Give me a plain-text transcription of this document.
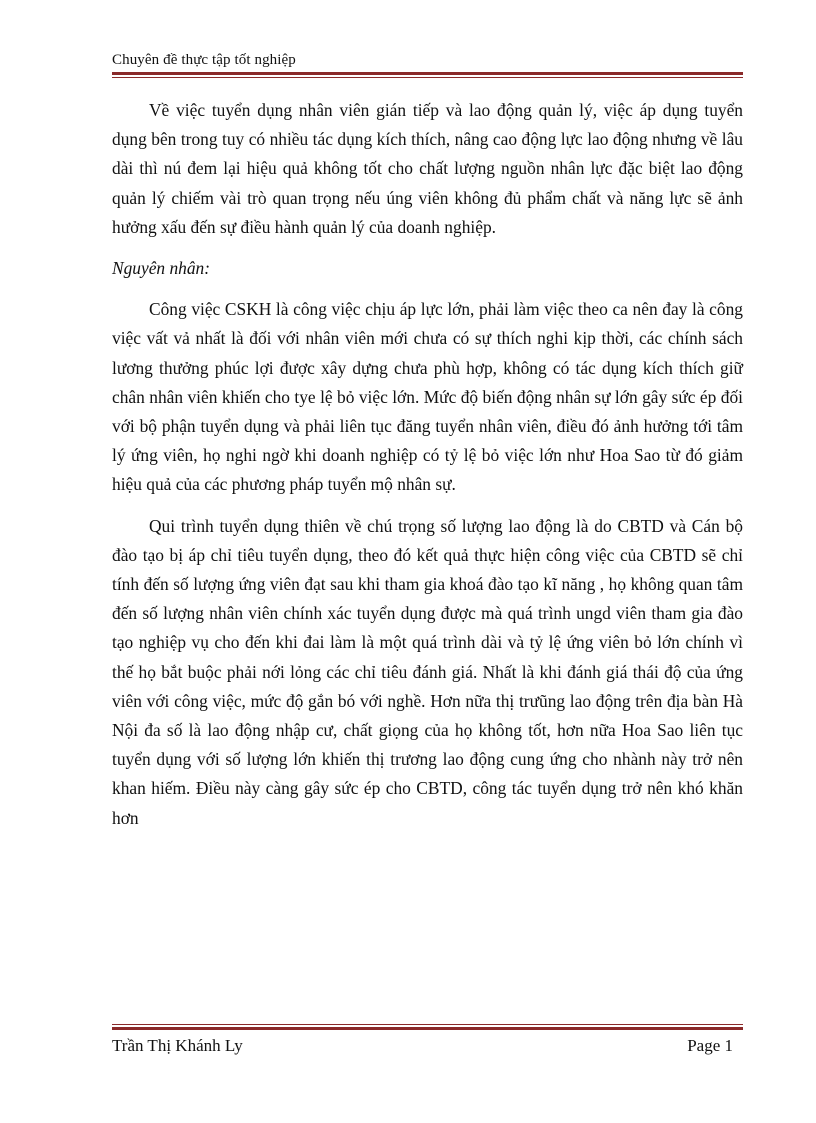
Chuyên đề thực tập tốt nghiệp

Về việc tuyển dụng nhân viên gián tiếp và lao động quản lý, việc áp dụng tuyển dụng bên trong tuy có nhiều tác dụng kích thích, nâng cao động lực lao động nhưng về lâu dài thì nú đem lại hiệu quả không tốt cho chất lượng nguồn nhân lực đặc biệt lao động quản lý chiếm vài trò quan trọng nếu úng viên không đủ phẩm chất và năng lực sẽ ảnh hưởng xấu đến sự điều hành quản lý của doanh nghiệp.

Nguyên nhân:

Công việc CSKH là công việc chịu áp lực lớn, phải làm việc theo ca nên đay là công việc vất vả nhất là đối với nhân viên mới chưa có sự thích nghi kịp thời, các chính sách lương thưởng phúc lợi được xây dựng chưa phù hợp, không có tác dụng kích thích giữ chân nhân viên khiến cho tye lệ bỏ việc lớn. Mức độ biến động nhân sự lớn gây sức ép đối với bộ phận tuyển dụng và phải liên tục đăng tuyển nhân viên, điều đó ảnh hưởng tới tâm lý ứng viên, họ nghi ngờ khi doanh nghiệp có tỷ lệ bỏ việc lớn như Hoa Sao từ đó giảm hiệu quả của các phương pháp tuyển mộ nhân sự.

Qui trình tuyển dụng thiên về chú trọng số lượng lao động là do CBTD và Cán bộ đào tạo bị áp chỉ tiêu tuyển dụng, theo đó kết quả thực hiện công việc của CBTD sẽ chỉ tính đến số lượng ứng viên đạt sau khi tham gia khoá đào tạo kĩ năng , họ không quan tâm đến số lượng nhân viên chính xác tuyển dụng được mà quá trình ungd viên tham gia đào tạo nghiệp vụ cho đến khi đai làm là một quá trình dài và tỷ lệ ứng viên bỏ lớn chính vì thế họ bắt buộc phải nới lỏng các chỉ tiêu đánh giá. Nhất là khi đánh giá thái độ của ứng viên với công việc, mức độ gắn bó với nghề. Hơn nữa thị trưũng lao động trên địa bàn Hà Nội đa số là lao động nhập cư, chất giọng của họ không tốt, hơn nữa Hoa Sao liên tục tuyển dụng với số lượng lớn khiến thị trương lao động cung ứng cho nhành này trở nên khan hiếm. Điều này càng gây sức ép cho CBTD, công tác tuyển dụng trở nên khó khăn hơn

Trần Thị Khánh Ly	Page 1
